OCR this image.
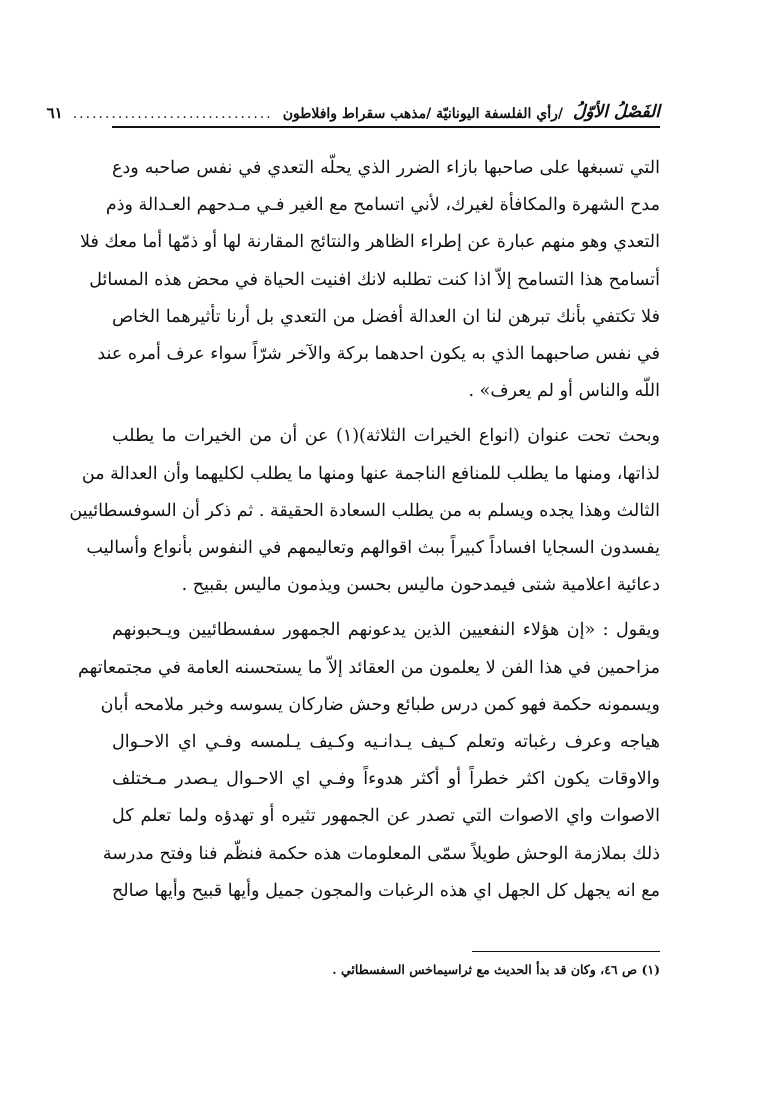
الفَصْلُ الأوّلُ
/رأي الفلسفة اليونانيّة /مذهب سقراط وافلاطون
...............................
٦١
التي تسبغها على صاحبها بازاء الضرر الذي يحلّه التعدي في نفس صاحبه ودع
مدح الشهرة والمكافأة لغيرك، لأني اتسامح مع الغير فـي مـدحهم العـدالة وذم
التعدي وهو منهم عبارة عن إطراء الظاهر والنتائج المقارنة لها أو ذمّها أما معك فلا
أتسامح هذا التسامح إلاّ اذا كنت تطلبه لانك افنيت الحياة في محض هذه المسائل
فلا تكتفي بأنك تبرهن لنا ان العدالة أفضل من التعدي بل أرنا تأثيرهما الخاص
في نفس صاحبهما الذي به يكون احدهما بركة والآخر شرّاً سواء عرف أمره عند
اللّه والناس أو لم يعرف» .
وبحث تحت عنوان (انواع الخيرات الثلاثة)(١) عن أن من الخيرات ما يطلب
لذاتها، ومنها ما يطلب للمنافع الناجمة عنها ومنها ما يطلب لكليهما وأن العدالة من
الثالث وهذا يجده ويسلم به من يطلب السعادة الحقيقة . ثم ذكر أن السوفسطائيين
يفسدون السجايا افساداً كبيراً ببث اقوالهم وتعاليمهم في النفوس بأنواع وأساليب
دعائية اعلامية شتى فيمدحون ماليس بحسن ويذمون ماليس بقبيح .
ويقول : «إن هؤلاء النفعيين الذين يدعونهم الجمهور سفسطائيين ويـحبونهم
مزاحمين في هذا الفن لا يعلمون من العقائد إلاّ ما يستحسنه العامة في مجتمعاتهم
ويسمونه حكمة فهو كمن درس طبائع وحش ضاركان يسوسه وخبر ملامحه أبان
هياجه وعرف رغباته وتعلم كـيف يـدانـيه وكـيف يـلمسه وفـي اي الاحـوال
والاوقات يكون اكثر خطراً أو أكثر هدوءاً وفـي اي الاحـوال يـصدر مـختلف
الاصوات واي الاصوات التي تصدر عن الجمهور تثيره أو تهدؤه ولما تعلم كل
ذلك بملازمة الوحش طويلاً سمّى المعلومات هذه حكمة فنظّم فنا وفتح مدرسة
مع انه يجهل كل الجهل اي هذه الرغبات والمجون جميل وأيها قبيح وأيها صالح
(١) ص ٤٦، وكان قد بدأ الحديث مع ثراسيماخس السفسطائي .
